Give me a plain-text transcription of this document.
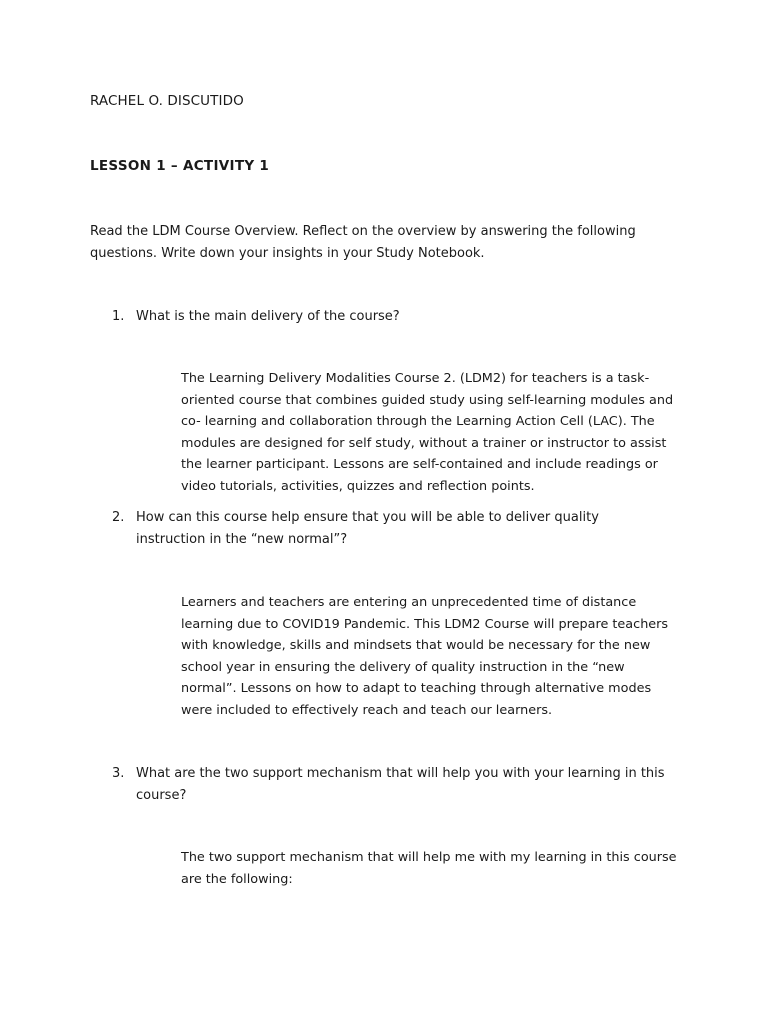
RACHEL O. DISCUTIDO
LESSON 1 – ACTIVITY 1
Read the LDM Course Overview. Reflect on the overview by answering the following questions. Write down your insights in your Study Notebook.
1. What is the main delivery of the course?
The Learning Delivery Modalities Course 2. (LDM2) for teachers is a task-oriented course that combines guided study using self-learning modules and co- learning and collaboration through the Learning Action Cell (LAC). The modules are designed for self study, without a trainer or instructor to assist the learner participant. Lessons are self-contained and include readings or video tutorials, activities, quizzes and reflection points.
2. How can this course help ensure that you will be able to deliver quality instruction in the “new normal”?
Learners and teachers are entering an unprecedented time of distance learning due to COVID19 Pandemic. This LDM2 Course will prepare teachers with knowledge, skills and mindsets that would be necessary for the new school year in ensuring the delivery of quality instruction in the “new normal”. Lessons on how to adapt to teaching through alternative modes were included to effectively reach and teach our learners.
3. What are the two support mechanism that will help you with your learning in this course?
The two support mechanism that will help me with my learning in this course are the following:
